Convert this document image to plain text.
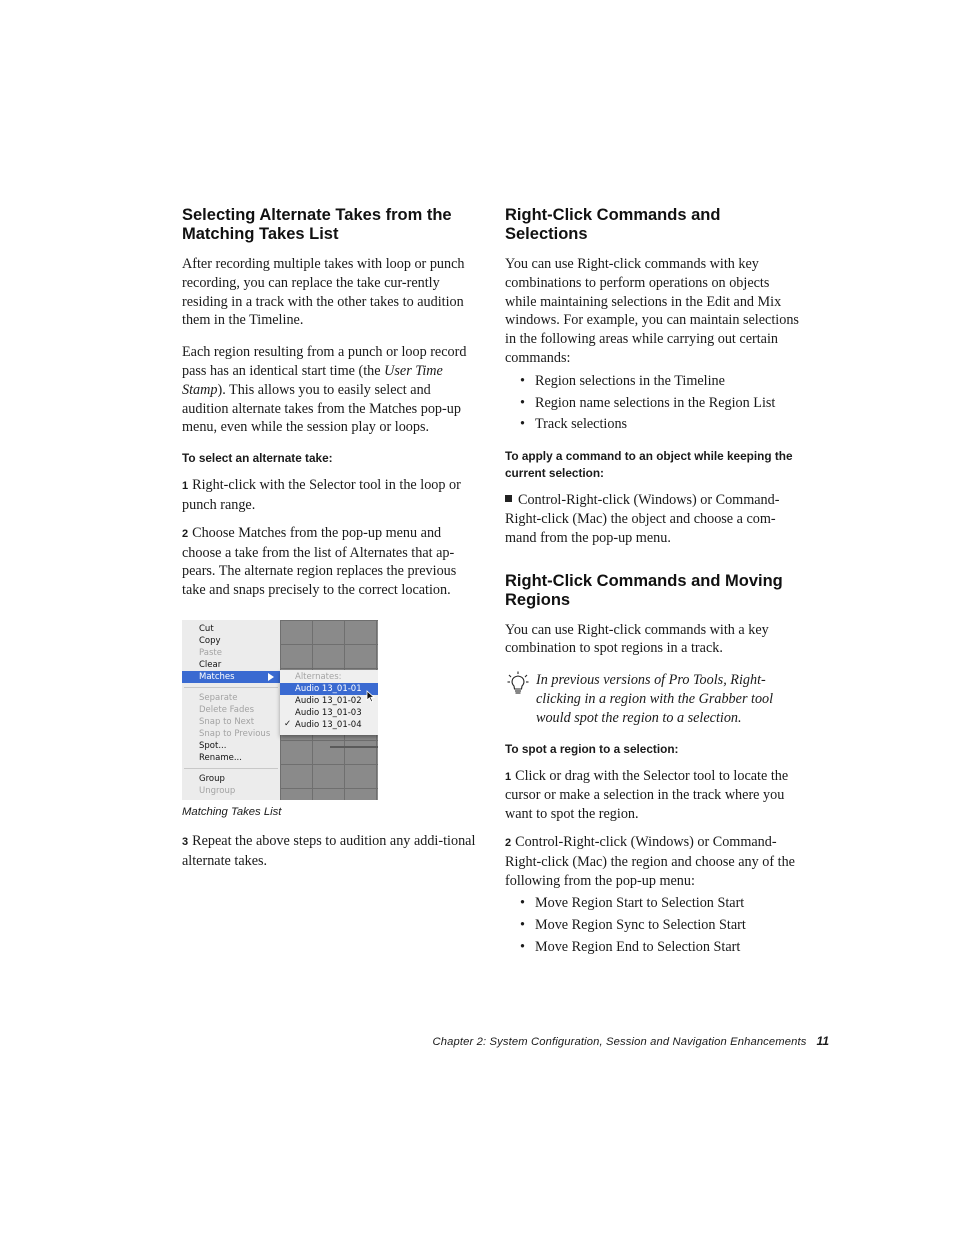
Selecting Alternate Takes from the Matching Takes List

After recording multiple takes with loop or punch recording, you can replace the take cur-rently residing in a track with the other takes to audition them in the Timeline.

Each region resulting from a punch or loop record pass has an identical start time (the User Time Stamp). This allows you to easily select and audition alternate takes from the Matches pop-up menu, even while the session play or loops.

To select an alternate take:

1 Right-click with the Selector tool in the loop or punch range.

2 Choose Matches from the pop-up menu and choose a take from the list of Alternates that ap-pears. The alternate region replaces the previous take and snaps precisely to the correct location.

Cut
Copy
Paste
Clear
Matches
Separate
Delete Fades
Snap to Next
Snap to Previous
Spot...
Rename...
Group
Ungroup
Alternates:
Audio 13_01-01
Audio 13_01-02
Audio 13_01-03
✓ Audio 13_01-04
Matching Takes List

3 Repeat the above steps to audition any addi-tional alternate takes.

Right-Click Commands and Selections

You can use Right-click commands with key combinations to perform operations on objects while maintaining selections in the Edit and Mix windows. For example, you can maintain selections in the following areas while carrying out certain commands:

• Region selections in the Timeline
• Region name selections in the Region List
• Track selections
To apply a command to an object while keeping the current selection:

Control-Right-click (Windows) or Command-Right-click (Mac) the object and choose a com-mand from the pop-up menu.

Right-Click Commands and Moving Regions

You can use Right-click commands with a key combination to spot regions in a track.

In previous versions of Pro Tools, Right-clicking in a region with the Grabber tool would spot the region to a selection.

To spot a region to a selection:

1 Click or drag with the Selector tool to locate the cursor or make a selection in the track where you want to spot the region.

2 Control-Right-click (Windows) or Command-Right-click (Mac) the region and choose any of the following from the pop-up menu:

• Move Region Start to Selection Start
• Move Region Sync to Selection Start
• Move Region End to Selection Start
Chapter 2: System Configuration, Session and Navigation Enhancements 11
